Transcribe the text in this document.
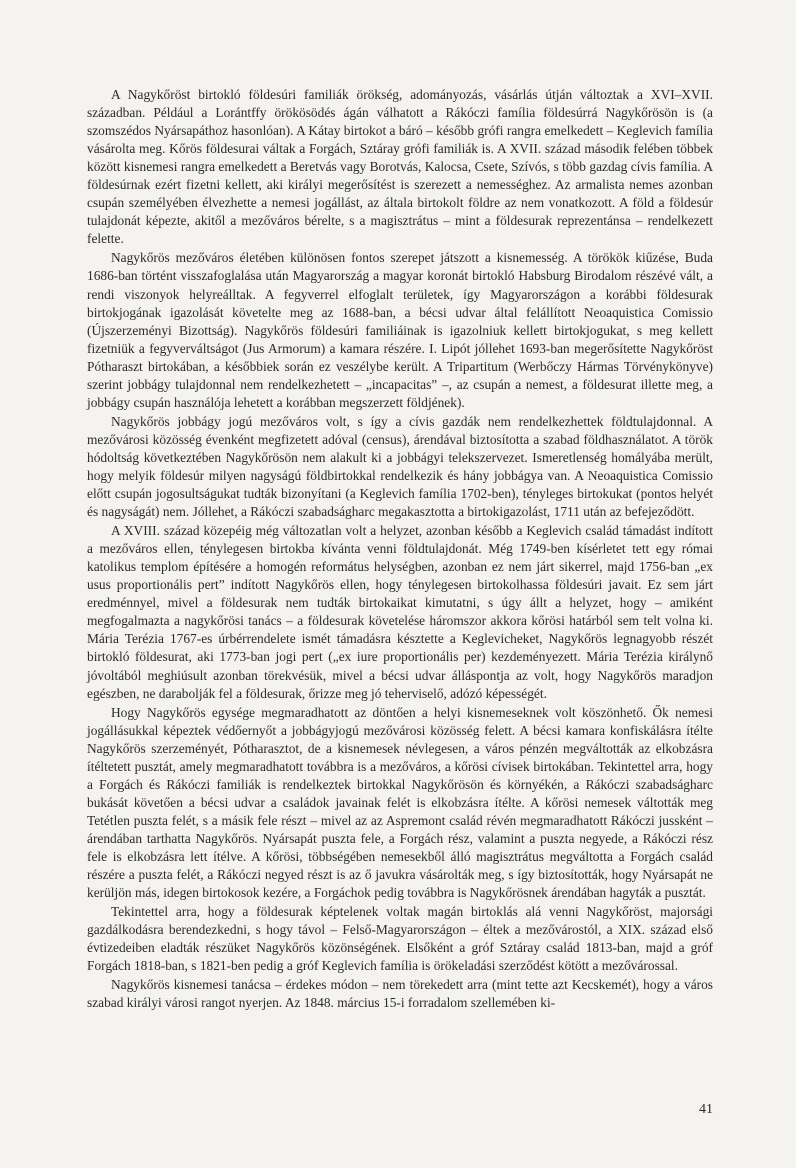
A Nagykőröst birtokló földesúri familiák örökség, adományozás, vásárlás útján változtak a XVI–XVII. században. Például a Lorántffy örökösödés ágán válhatott a Rákóczi família földesúrrá Nagykőrösön is (a szomszédos Nyársapáthoz hasonlóan). A Kátay birtokot a báró – később grófi rangra emelkedett – Keglevich família vásárolta meg. Kőrös földesurai váltak a Forgách, Sztáray grófi familiák is. A XVII. század második felében többek között kisnemesi rangra emelkedett a Beretvás vagy Borotvás, Kalocsa, Csete, Szívós, s több gazdag cívis família. A földesúrnak ezért fizetni kellett, aki királyi megerősítést is szerezett a nemességhez. Az armalista nemes azonban csupán személyében élvezhette a nemesi jogállást, az általa birtokolt földre az nem vonatkozott. A föld a földesúr tulajdonát képezte, akitől a mezőváros bérelte, s a magisztrátus – mint a földesurak reprezentánsa – rendelkezett felette.

Nagykőrös mezőváros életében különösen fontos szerepet játszott a kisnemesség. A törökök kiűzése, Buda 1686-ban történt visszafoglalása után Magyarország a magyar koronát birtokló Habsburg Birodalom részévé vált, a rendi viszonyok helyreálltak. A fegyverrel elfoglalt területek, így Magyarországon a korábbi földesurak birtokjogának igazolását követelte meg az 1688-ban, a bécsi udvar által felállított Neoaquistica Comissio (Újszerzeményi Bizottság). Nagykőrös földesúri familiáinak is igazolniuk kellett birtokjogukat, s meg kellett fizetniük a fegyverváltságot (Jus Armorum) a kamara részére. I. Lipót jóllehet 1693-ban megerősítette Nagykőröst Pótharaszt birtokában, a későbbiek során ez veszélybe került. A Tripartitum (Werbőczy Hármas Törvénykönyve) szerint jobbágy tulajdonnal nem rendelkezhetett – „incapacitas” –, az csupán a nemest, a földesurat illette meg, a jobbágy csupán használója lehetett a korábban megszerzett földjének).

Nagykőrös jobbágy jogú mezőváros volt, s így a cívis gazdák nem rendelkezhettek földtulajdonnal. A mezővárosi közösség évenként megfizetett adóval (census), árendával biztosította a szabad földhasználatot. A török hódoltság következtében Nagykőrösön nem alakult ki a jobbágyi telekszervezet. Ismeretlenség homályába merült, hogy melyik földesúr milyen nagyságú földbirtokkal rendelkezik és hány jobbágya van. A Neoaquistica Comissio előtt csupán jogosultságukat tudták bizonyítani (a Keglevich família 1702-ben), tényleges birtokukat (pontos helyét és nagyságát) nem. Jóllehet, a Rákóczi szabadságharc megakasztotta a birtokigazolást, 1711 után az befejeződött.

A XVIII. század közepéig még változatlan volt a helyzet, azonban később a Keglevich család támadást indított a mezőváros ellen, ténylegesen birtokba kívánta venni földtulajdonát. Még 1749-ben kísérletet tett egy római katolikus templom építésére a homogén református helységben, azonban ez nem járt sikerrel, majd 1756-ban „ex usus proportionális pert” indított Nagykőrös ellen, hogy ténylegesen birtokolhassa földesúri javait. Ez sem járt eredménnyel, mivel a földesurak nem tudták birtokaikat kimutatni, s úgy állt a helyzet, hogy – amiként megfogalmazta a nagykőrösi tanács – a földesurak követelése háromszor akkora kőrösi határból sem telt volna ki. Mária Terézia 1767-es úrbérrendelete ismét támadásra késztette a Keglevicheket, Nagykőrös legnagyobb részét birtokló földesurat, aki 1773-ban jogi pert („ex iure proportionális per) kezdeményezett. Mária Terézia királynő jóvoltából meghiúsult azonban törekvésük, mivel a bécsi udvar álláspontja az volt, hogy Nagykőrös maradjon egészben, ne darabolják fel a földesurak, őrizze meg jó teherviselő, adózó képességét.

Hogy Nagykőrös egysége megmaradhatott az döntően a helyi kisnemeseknek volt köszönhető. Ők nemesi jogállásukkal képeztek védőernyőt a jobbágyjogú mezővárosi közösség felett. A bécsi kamara konfiskálásra ítélte Nagykőrös szerzeményét, Pótharasztot, de a kisnemesek névlegesen, a város pénzén megváltották az elkobzásra ítéltetett pusztát, amely megmaradhatott továbbra is a mezőváros, a kőrösi cívisek birtokában. Tekintettel arra, hogy a Forgách és Rákóczi familiák is rendelkeztek birtokkal Nagykőrösön és környékén, a Rákóczi szabadságharc bukását követően a bécsi udvar a családok javainak felét is elkobzásra ítélte. A kőrösi nemesek váltották meg Tetétlen puszta felét, s a másik fele részt – mivel az az Aspremont család révén megmaradhatott Rákóczi jussként – árendában tarthatta Nagykőrös. Nyársapát puszta fele, a Forgách rész, valamint a puszta negyede, a Rákóczi rész fele is elkobzásra lett ítélve. A kőrösi, többségében nemesekből álló magisztrátus megváltotta a Forgách család részére a puszta felét, a Rákóczi negyed részt is az ő javukra vásárolták meg, s így biztosították, hogy Nyársapát ne kerüljön más, idegen birtokosok kezére, a Forgáchok pedig továbbra is Nagykőrösnek árendában hagyták a pusztát.

Tekintettel arra, hogy a földesurak képtelenek voltak magán birtoklás alá venni Nagykőröst, majorsági gazdálkodásra berendezkedni, s hogy távol – Felső-Magyarországon – éltek a mezővárostól, a XIX. század első évtizedeiben eladták részüket Nagykőrös közönségének. Elsőként a gróf Sztáray család 1813-ban, majd a gróf Forgách 1818-ban, s 1821-ben pedig a gróf Keglevich família is örökeladási szerződést kötött a mezővárossal.

Nagykőrös kisnemesi tanácsa – érdekes módon – nem törekedett arra (mint tette azt Kecskemét), hogy a város szabad királyi városi rangot nyerjen. Az 1848. március 15-i forradalom szellemében ki-

41
